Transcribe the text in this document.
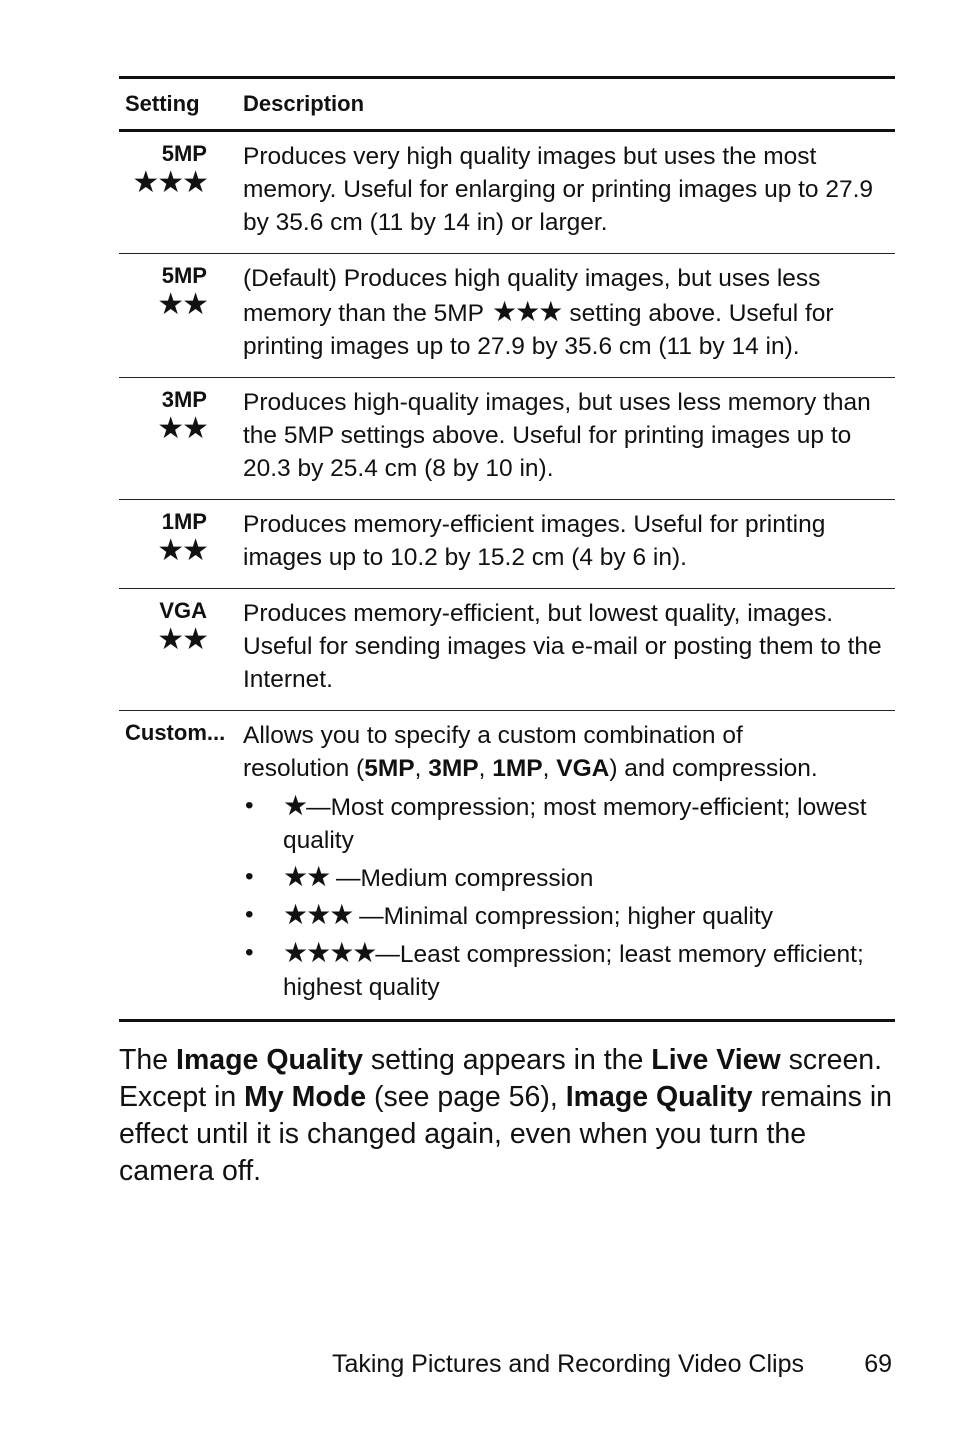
Setting	Description
5MP
★★★

Produces very high quality images but uses the most memory. Useful for enlarging or printing images up to 27.9 by 35.6 cm (11 by 14 in) or larger.

5MP
★★

(Default) Produces high quality images, but uses less memory than the 5MP ★★★ setting above. Useful for printing images up to 27.9 by 35.6 cm (11 by 14 in).

3MP
★★

Produces high-quality images, but uses less memory than the 5MP settings above. Useful for printing images up to 20.3 by 25.4 cm (8 by 10 in).

1MP
★★

Produces memory-efficient images. Useful for printing images up to 10.2 by 15.2 cm (4 by 6 in).

VGA
★★

Produces memory-efficient, but lowest quality, images. Useful for sending images via e-mail or posting them to the Internet.

Custom... Allows you to specify a custom combination of
resolution (5MP, 3MP, 1MP, VGA) and compression.

• ★—Most compression; most memory-efficient; lowest quality
• ★★ —Medium compression
• ★★★ —Minimal compression; higher quality
• ★★★★—Least compression; least memory efficient; highest quality

The Image Quality setting appears in the Live View screen. Except in My Mode (see page 56), Image Quality remains in effect until it is changed again, even when you turn the camera off.

Taking Pictures and Recording Video Clips 69
